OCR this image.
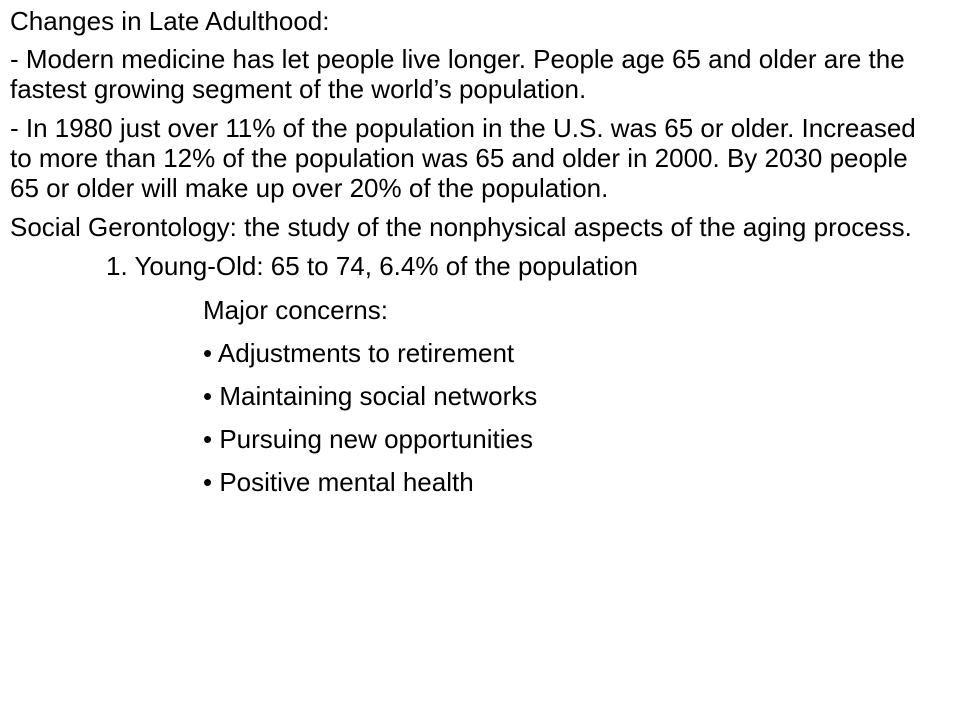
Changes in Late Adulthood:
- Modern medicine has let people live longer. People age 65 and older are the fastest growing segment of the world’s population.
- In 1980 just over 11% of the population in the U.S. was 65 or older. Increased to more than 12% of the population was 65 and older in 2000. By 2030 people 65 or older will make up over 20% of the population.
Social Gerontology: the study of the nonphysical aspects of the aging process.
1. Young-Old: 65 to 74, 6.4% of the population
Major concerns:
• Adjustments to retirement
• Maintaining social networks
• Pursuing new opportunities
• Positive mental health
